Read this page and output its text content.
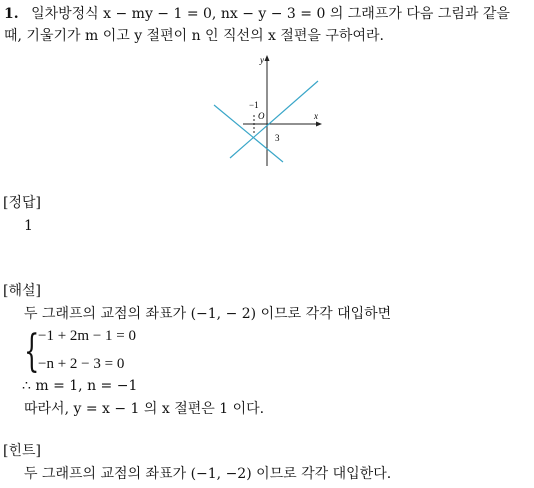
1. 일차방정식 x − my − 1 = 0, nx − y − 3 = 0 의 그래프가 다음 그림과 같을
때, 기울기가 m 이고 y 절편이 n 인 직선의 x 절편을 구하여라.
y
x
−1
O
3
[정답]
1
[해설]
두 그래프의 교점의 좌표가 (−1, − 2) 이므로 각각 대입하면
{
−1 + 2m − 1 = 0
−n + 2 − 3 = 0
∴ m = 1, n = −1
따라서, y = x − 1 의 x 절편은 1 이다.
[힌트]
두 그래프의 교점의 좌표가 (−1, −2) 이므로 각각 대입한다.
